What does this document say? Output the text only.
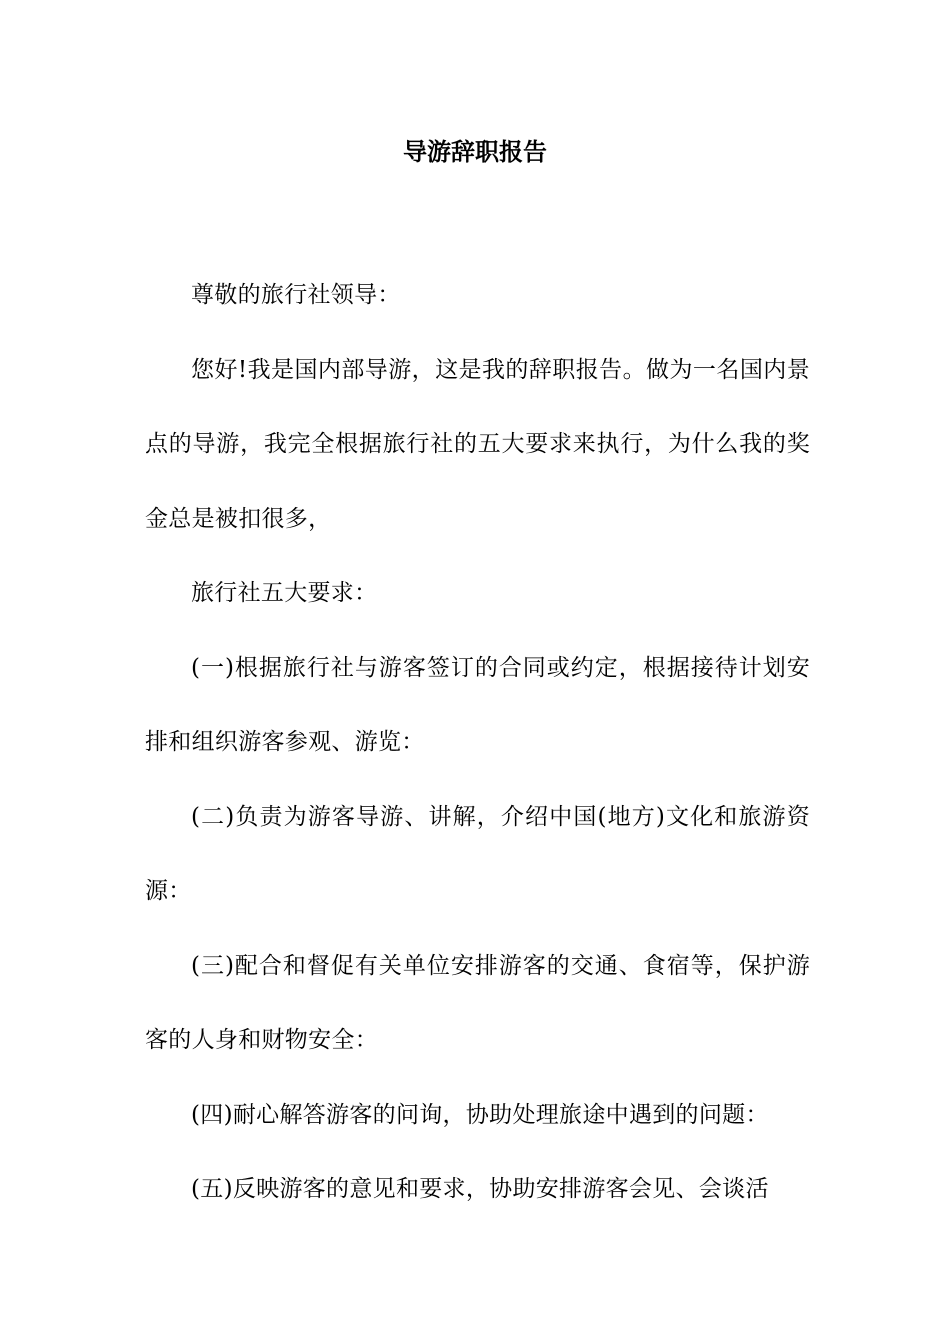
导游辞职报告

尊敬的旅行社领导：

您好!我是国内部导游，这是我的辞职报告。做为一名国内景点的导游，我完全根据旅行社的五大要求来执行，为什么我的奖金总是被扣很多，

旅行社五大要求：

(一)根据旅行社与游客签订的合同或约定，根据接待计划安排和组织游客参观、游览：

(二)负责为游客导游、讲解，介绍中国(地方)文化和旅游资源：

(三)配合和督促有关单位安排游客的交通、食宿等，保护游客的人身和财物安全：

(四)耐心解答游客的问询，协助处理旅途中遇到的问题：

(五)反映游客的意见和要求，协助安排游客会见、会谈活
